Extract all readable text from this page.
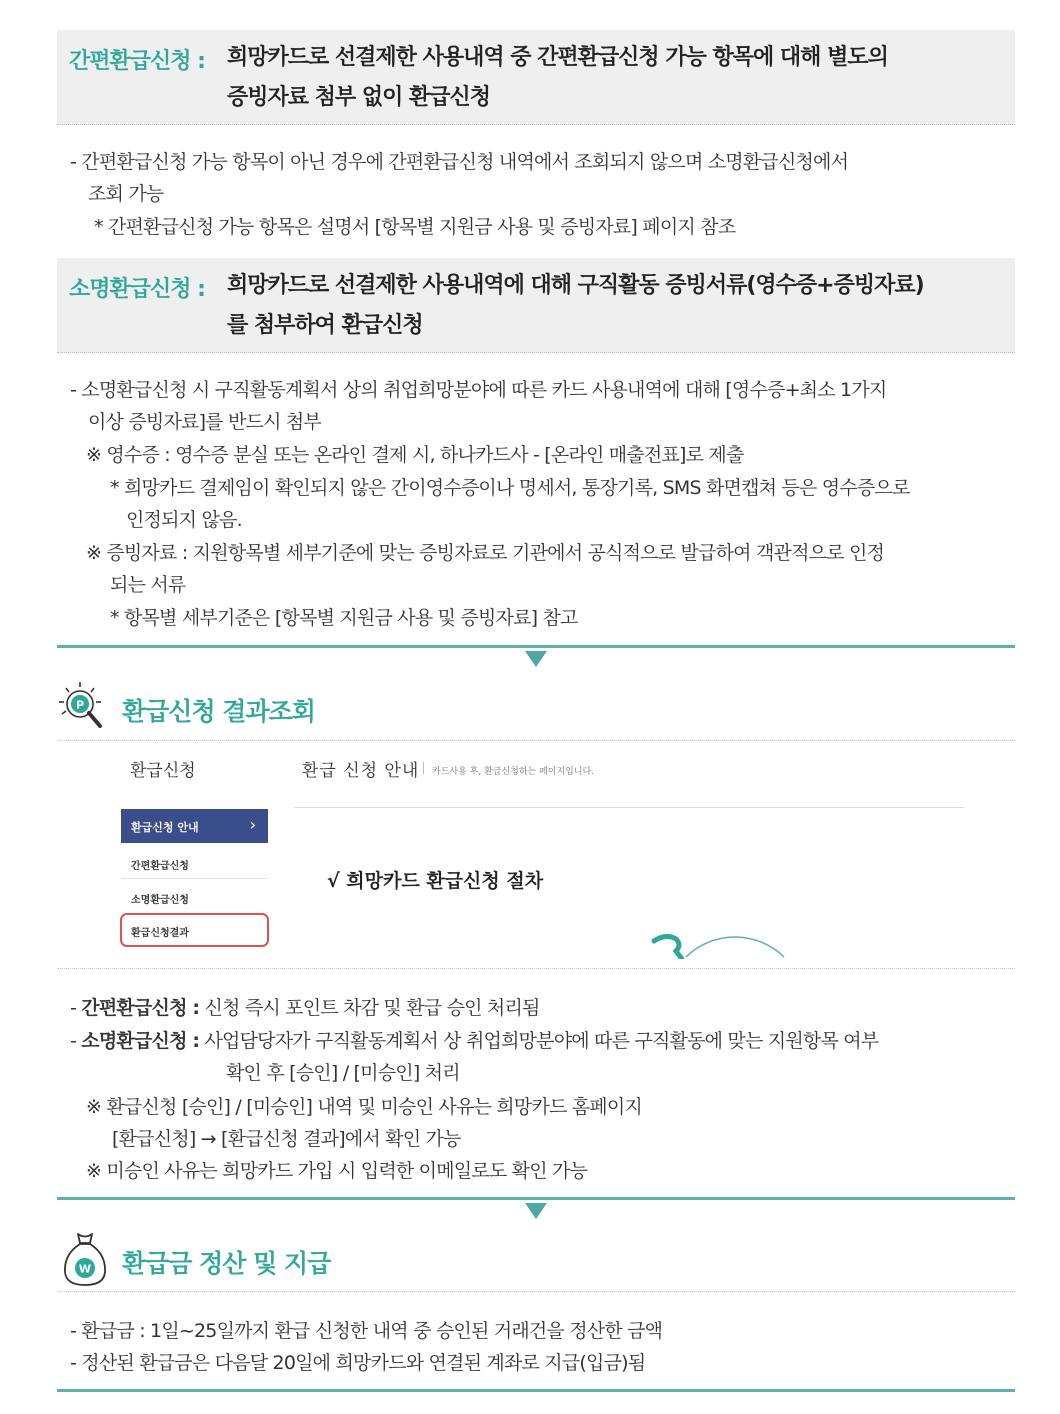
간편환급신청 : 희망카드로 선결제한 사용내역 중 간편환급신청 가능 항목에 대해 별도의
증빙자료 첨부 없이 환급신청
- 간편환급신청 가능 항목이 아닌 경우에 간편환급신청 내역에서 조회되지 않으며 소명환급신청에서
조회 가능
* 간편환급신청 가능 항목은 설명서 [항목별 지원금 사용 및 증빙자료] 페이지 참조
소명환급신청 : 희망카드로 선결제한 사용내역에 대해 구직활동 증빙서류(영수증+증빙자료)
를 첨부하여 환급신청
- 소명환급신청 시 구직활동계획서 상의 취업희망분야에 따른 카드 사용내역에 대해 [영수증+최소 1가지
이상 증빙자료]를 반드시 첨부
※ 영수증 : 영수증 분실 또는 온라인 결제 시, 하나카드사 - [온라인 매출전표]로 제출
* 희망카드 결제임이 확인되지 않은 간이영수증이나 명세서, 통장기록, SMS 화면캡쳐 등은 영수증으로
인정되지 않음.
※ 증빙자료 : 지원항목별 세부기준에 맞는 증빙자료로 기관에서 공식적으로 발급하여 객관적으로 인정
되는 서류
* 항목별 세부기준은 [항목별 지원금 사용 및 증빙자료] 참고
P 환급신청 결과조회
환급신청	환급 신청 안내 카드사용 후, 환급신청하는 페이지입니다.
환급신청 안내	›
간편환급신청
소명환급신청
환급신청결과
√ 희망카드 환급신청 절차
- 간편환급신청 : 신청 즉시 포인트 차감 및 환급 승인 처리됨
- 소명환급신청 : 사업담당자가 구직활동계획서 상 취업희망분야에 따른 구직활동에 맞는 지원항목 여부
확인 후 [승인] / [미승인] 처리
※ 환급신청 [승인] / [미승인] 내역 및 미승인 사유는 희망카드 홈페이지
[환급신청] → [환급신청 결과]에서 확인 가능
※ 미승인 사유는 희망카드 가입 시 입력한 이메일로도 확인 가능
W 환급금 정산 및 지급
- 환급금 : 1일~25일까지 환급 신청한 내역 중 승인된 거래건을 정산한 금액
- 정산된 환급금은 다음달 20일에 희망카드와 연결된 계좌로 지급(입금)됨
